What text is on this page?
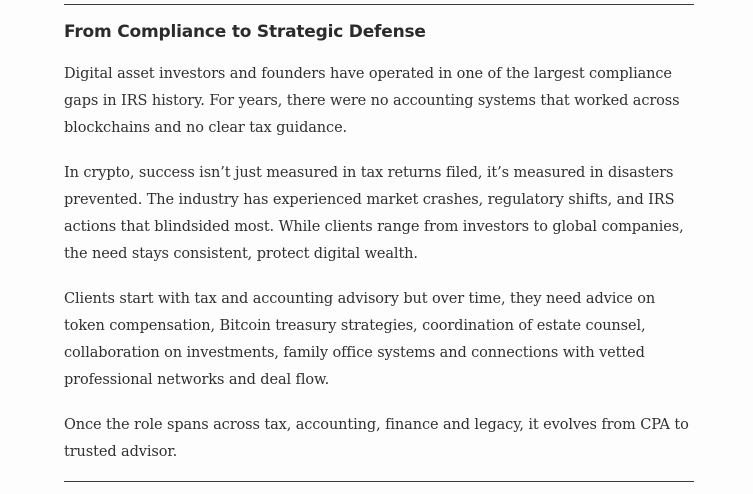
From Compliance to Strategic Defense

Digital asset investors and founders have operated in one of the largest compliance gaps in IRS history. For years, there were no accounting systems that worked across blockchains and no clear tax guidance.

In crypto, success isn’t just measured in tax returns filed, it’s measured in disasters prevented. The industry has experienced market crashes, regulatory shifts, and IRS actions that blindsided most. While clients range from investors to global companies, the need stays consistent, protect digital wealth.

Clients start with tax and accounting advisory but over time, they need advice on token compensation, Bitcoin treasury strategies, coordination of estate counsel, collaboration on investments, family office systems and connections with vetted professional networks and deal flow.

Once the role spans across tax, accounting, finance and legacy, it evolves from CPA to trusted advisor.
